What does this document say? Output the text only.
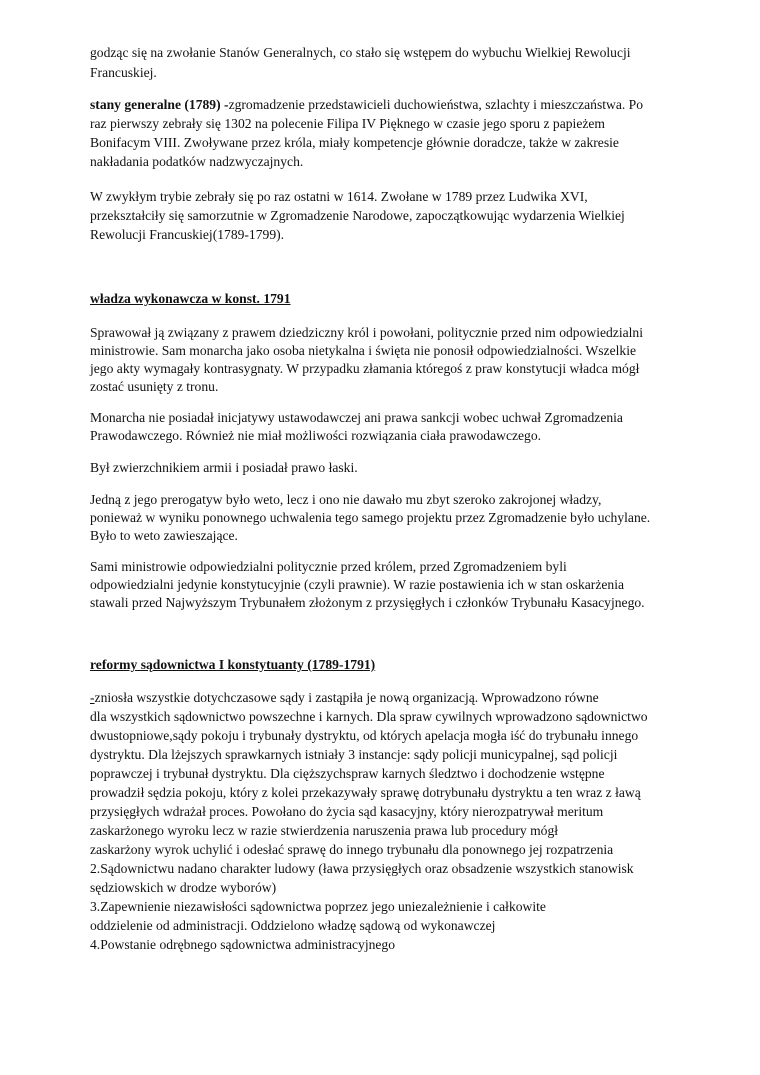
godząc się na zwołanie Stanów Generalnych, co stało się wstępem do wybuchu Wielkiej Rewolucji
Francuskiej.
stany generalne (1789) -zgromadzenie przedstawicieli duchowieństwa, szlachty i mieszczaństwa. Po
raz pierwszy zebrały się 1302 na polecenie Filipa IV Pięknego w czasie jego sporu z papieżem
Bonifacym VIII. Zwoływane przez króla, miały kompetencje głównie doradcze, także w zakresie
nakładania podatków nadzwyczajnych.
W zwykłym trybie zebrały się po raz ostatni w 1614. Zwołane w 1789 przez Ludwika XVI,
przekształciły się samorzutnie w Zgromadzenie Narodowe, zapoczątkowując wydarzenia Wielkiej
Rewolucji Francuskiej(1789-1799).
władza wykonawcza w konst. 1791
Sprawował ją związany z prawem dziedziczny król i powołani, politycznie przed nim odpowiedzialni
ministrowie. Sam monarcha jako osoba nietykalna i święta nie ponosił odpowiedzialności. Wszelkie
jego akty wymagały kontrasygnaty. W przypadku złamania któregoś z praw konstytucji władca mógł
zostać usunięty z tronu.
Monarcha nie posiadał inicjatywy ustawodawczej ani prawa sankcji wobec uchwał Zgromadzenia
Prawodawczego. Również nie miał możliwości rozwiązania ciała prawodawczego.
Był zwierzchnikiem armii i posiadał prawo łaski.
Jedną z jego prerogatyw było weto, lecz i ono nie dawało mu zbyt szeroko zakrojonej władzy,
ponieważ w wyniku ponownego uchwalenia tego samego projektu przez Zgromadzenie było uchylane.
Było to weto zawieszające.
Sami ministrowie odpowiedzialni politycznie przed królem, przed Zgromadzeniem byli
odpowiedzialni jedynie konstytucyjnie (czyli prawnie). W razie postawienia ich w stan oskarżenia
stawali przed Najwyższym Trybunałem złożonym z przysięgłych i członków Trybunału Kasacyjnego.
reformy sądownictwa I konstytuanty (1789-1791)
-zniosła wszystkie dotychczasowe sądy i zastąpiła je nową organizacją. Wprowadzono równe
dla wszystkich sądownictwo powszechne i karnych. Dla spraw cywilnych wprowadzono sądownictwo
dwustopniowe,sądy pokoju i trybunały dystryktu, od których apelacja mogła iść do trybunału innego
dystryktu. Dla lżejszych sprawkarnych istniały 3 instancje: sądy policji municypalnej, sąd policji
poprawczej i trybunał dystryktu. Dla cięższychspraw karnych śledztwo i dochodzenie wstępne
prowadził sędzia pokoju, który z kolei przekazywały sprawę dotrybunału dystryktu a ten wraz z ławą
przysięgłych wdrażał proces. Powołano do życia sąd kasacyjny, który nierozpatrywał meritum
zaskarżonego wyroku lecz w razie stwierdzenia naruszenia prawa lub procedury mógł
zaskarżony wyrok uchylić i odesłać sprawę do innego trybunału dla ponownego jej rozpatrzenia
2.Sądownictwu nadano charakter ludowy (ława przysięgłych oraz obsadzenie wszystkich stanowisk
sędziowskich w drodze wyborów)
3.Zapewnienie niezawisłości sądownictwa poprzez jego uniezależnienie i całkowite
oddzielenie od administracji. Oddzielono władzę sądową od wykonawczej
4.Powstanie odrębnego sądownictwa administracyjnego
